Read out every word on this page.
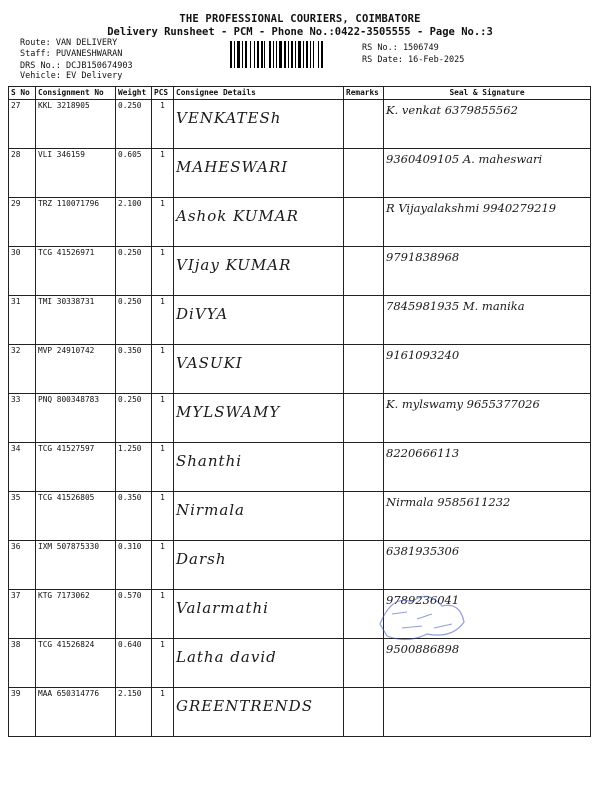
THE PROFESSIONAL COURIERS, COIMBATORE
Delivery Runsheet - PCM - Phone No.:0422-3505555 - Page No.:3
Route: VAN DELIVERY
Staff: PUVANESHWARAN
DRS No.: DCJB150674903
Vehicle: EV Delivery
RS No.: 1506749
RS Date: 16-Feb-2025
S No	Consignment No	Weight	PCS	Consignee Details	Remarks	Seal & Signature
27	KKL 3218905	0.250	1	VENKATESh		K. venkat 6379855562

28	VLI 346159	0.605	1	MAHESWARI		9360409105 A. maheswari

29	TRZ 110071796	2.100	1	Ashok KUMAR		R Vijayalakshmi 9940279219

30	TCG 41526971	0.250	1	VIjay KUMAR		9791838968

31	TMI 30338731	0.250	1	DiVYA		7845981935 M. manika

32	MVP 24910742	0.350	1	VASUKI		9161093240

33	PNQ 800348783	0.250	1	MYLSWAMY		K. mylswamy 9655377026

34	TCG 41527597	1.250	1	Shanthi		8220666113

35	TCG 41526805	0.350	1	Nirmala		Nirmala 9585611232

36	IXM 507875330	0.310	1	Darsh		6381935306

37	KTG 7173062	0.570	1	Valarmathi		9789236041

38	TCG 41526824	0.640	1	Latha david		9500886898

39	MAA 650314776	2.150	1	GREENTRENDS		
